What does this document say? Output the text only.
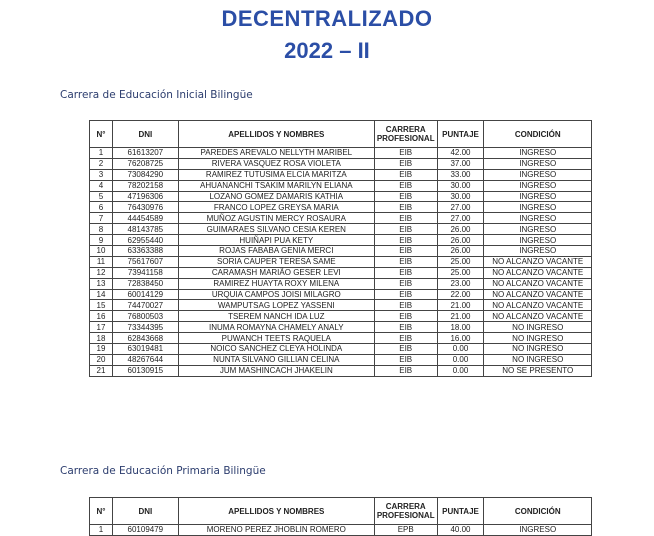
DECENTRALIZADO
2022 – II
Carrera de Educación Inicial Bilingüe
N°	DNI	APELLIDOS Y NOMBRES	CARRERA PROFESIONAL	PUNTAJE	CONDICIÓN
1	61613207	PAREDES AREVALO NELLYTH MARIBEL	EIB	42.00	INGRESO
2	76208725	RIVERA VASQUEZ ROSA VIOLETA	EIB	37.00	INGRESO
3	73084290	RAMIREZ TUTUSIMA ELCIA MARITZA	EIB	33.00	INGRESO
4	78202158	AHUANANCHI TSAKIM MARILYN ELIANA	EIB	30.00	INGRESO
5	47196306	LOZANO GOMEZ DAMARIS KATHIA	EIB	30.00	INGRESO
6	76430976	FRANCO LOPEZ GREYSA MARIA	EIB	27.00	INGRESO
7	44454589	MUÑOZ AGUSTIN MERCY ROSAURA	EIB	27.00	INGRESO
8	48143785	GUIMARAES SILVANO CESIA KEREN	EIB	26.00	INGRESO
9	62955440	HUIÑAPI PUA KETY	EIB	26.00	INGRESO
10	63363388	ROJAS FABABA GENIA MERCI	EIB	26.00	INGRESO
11	75617607	SORIA CAUPER TERESA SAME	EIB	25.00	NO ALCANZO VACANTE
12	73941158	CARAMASH MARIÃO GESER LEVI	EIB	25.00	NO ALCANZO VACANTE
13	72838450	RAMIREZ HUAYTA ROXY MILENA	EIB	23.00	NO ALCANZO VACANTE
14	60014129	URQUIA CAMPOS JOISI MILAGRO	EIB	22.00	NO ALCANZO VACANTE
15	74470027	WAMPUTSAG LOPEZ YASSENI	EIB	21.00	NO ALCANZO VACANTE
16	76800503	TSEREM NANCH IDA LUZ	EIB	21.00	NO ALCANZO VACANTE
17	73344395	INUMA ROMAYNA CHAMELY ANALY	EIB	18.00	NO INGRESO
18	62843668	PUWANCH TEETS RAQUELA	EIB	16.00	NO INGRESO
19	63019481	NOICO SANCHEZ CLEYA HOLINDA	EIB	0.00	NO INGRESO
20	48267644	NUNTA SILVANO GILLIAN CELINA	EIB	0.00	NO INGRESO
21	60130915	JUM MASHINCACH JHAKELIN	EIB	0.00	NO SE PRESENTO
Carrera de Educación Primaria Bilingüe
N°	DNI	APELLIDOS Y NOMBRES	CARRERA PROFESIONAL	PUNTAJE	CONDICIÓN
1	60109479	MORENO PEREZ JHOBLIN ROMERO	EPB	40.00	INGRESO
